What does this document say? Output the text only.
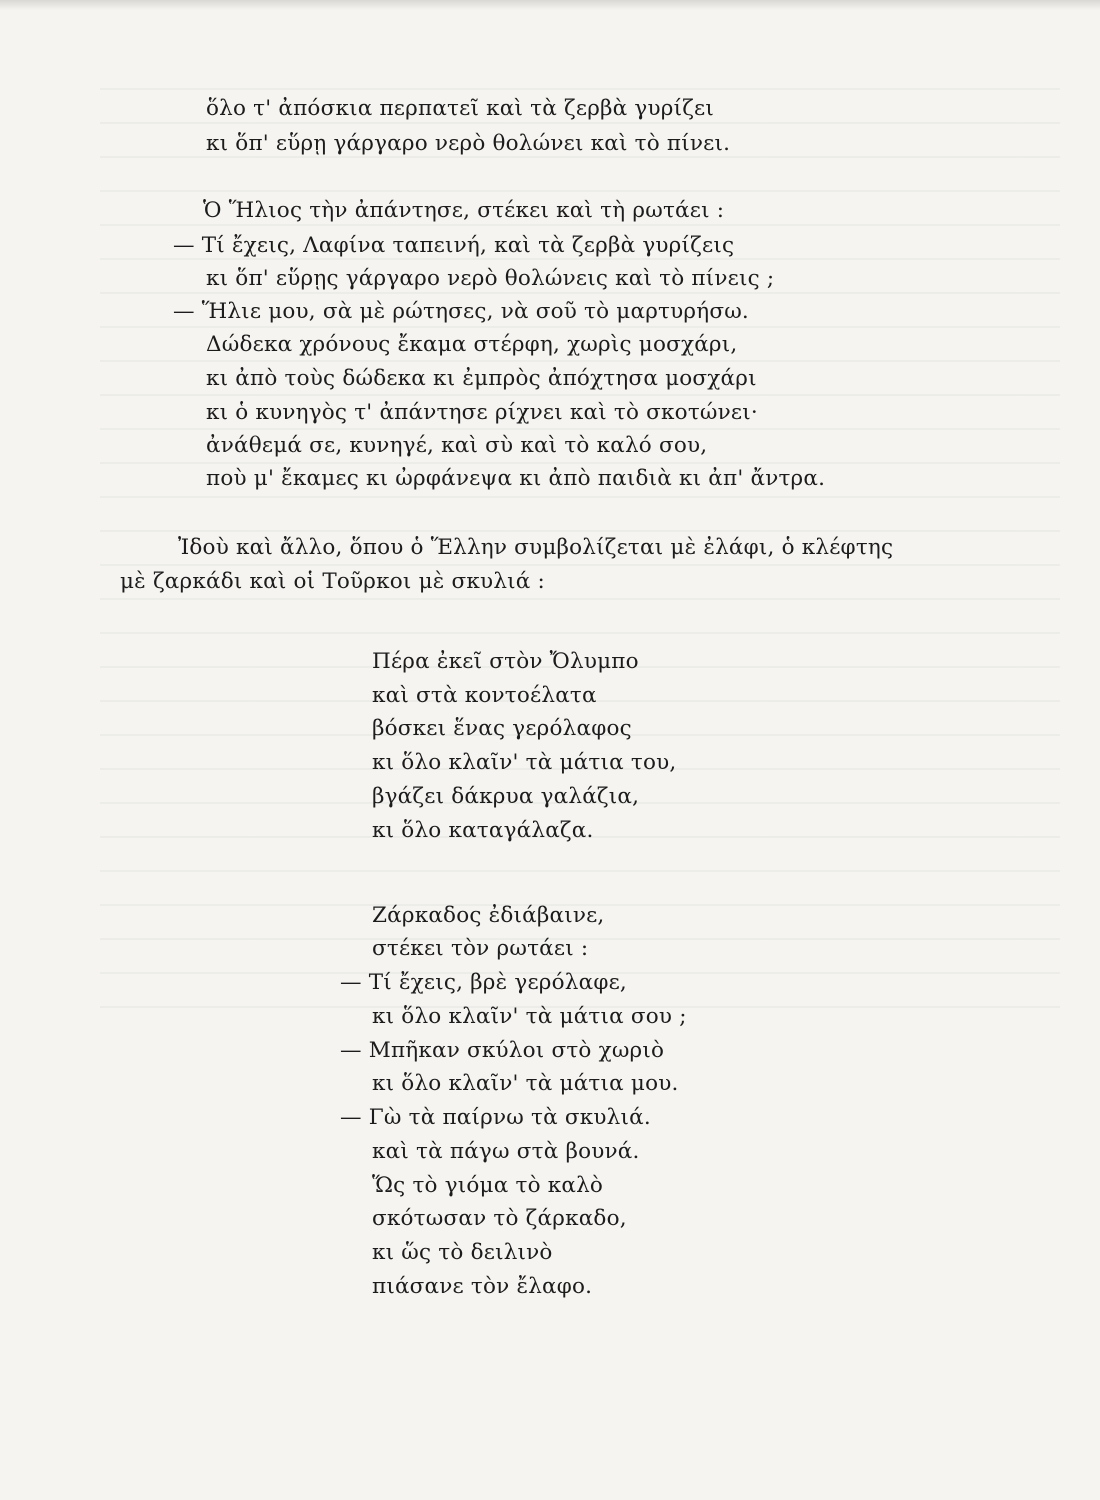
ὅλο τ' ἀπόσκια περπατεῖ καὶ τὰ ζερβὰ γυρίζει
κι ὅπ' εὕρῃ γάργαρο νερὸ θολώνει καὶ τὸ πίνει.
Ὁ Ἥλιος τὴν ἀπάντησε, στέκει καὶ τὴ ρωτάει :
— Τί ἔχεις, Λαφίνα ταπεινή, καὶ τὰ ζερβὰ γυρίζεις
κι ὅπ' εὕρῃς γάργαρο νερὸ θολώνεις καὶ τὸ πίνεις ;
— Ἥλιε μου, σὰ μὲ ρώτησες, νὰ σοῦ τὸ μαρτυρήσω.
Δώδεκα χρόνους ἔκαμα στέρφη, χωρὶς μοσχάρι,
κι ἀπὸ τοὺς δώδεκα κι ἐμπρὸς ἀπόχτησα μοσχάρι
κι ὁ κυνηγὸς τ' ἀπάντησε ρίχνει καὶ τὸ σκοτώνει·
ἀνάθεμά σε, κυνηγέ, καὶ σὺ καὶ τὸ καλό σου,
ποὺ μ' ἔκαμες κι ὠρφάνεψα κι ἀπὸ παιδιὰ κι ἀπ' ἄντρα.
Ἰδοὺ καὶ ἄλλο, ὅπου ὁ Ἕλλην συμβολίζεται μὲ ἐλάφι, ὁ κλέφτης
μὲ ζαρκάδι καὶ οἱ Τοῦρκοι μὲ σκυλιά :
Πέρα ἐκεῖ στὸν Ὄλυμπο
καὶ στὰ κοντοέλατα
βόσκει ἕνας γερόλαφος
κι ὅλο κλαῖν' τὰ μάτια του,
βγάζει δάκρυα γαλάζια,
κι ὅλο καταγάλαζα.
Ζάρκαδος ἐδιάβαινε,
στέκει τὸν ρωτάει :
— Τί ἔχεις, βρὲ γερόλαφε,
κι ὅλο κλαῖν' τὰ μάτια σου ;
— Μπῆκαν σκύλοι στὸ χωριὸ
κι ὅλο κλαῖν' τὰ μάτια μου.
— Γὼ τὰ παίρνω τὰ σκυλιά.
καὶ τὰ πάγω στὰ βουνά.
Ὥς τὸ γιόμα τὸ καλὸ
σκότωσαν τὸ ζάρκαδο,
κι ὥς τὸ δειλινὸ
πιάσανε τὸν ἔλαφο.
